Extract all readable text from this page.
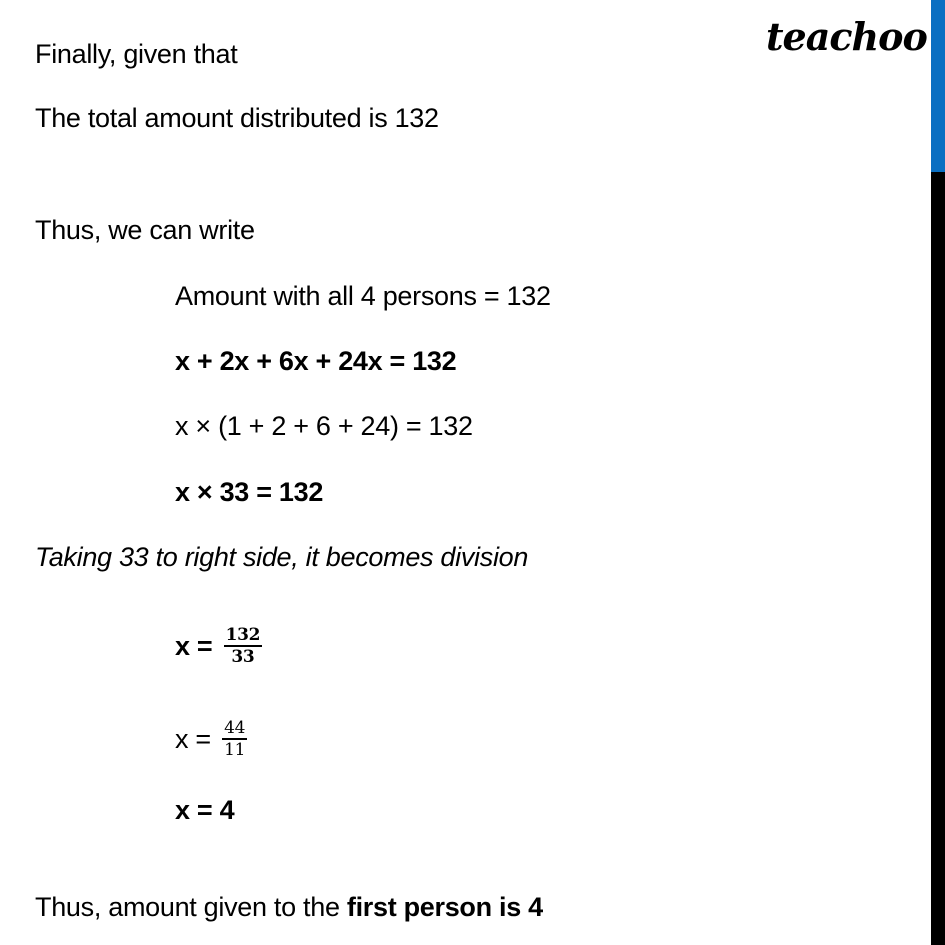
teachoo
Finally, given that
The total amount distributed is 132
Thus, we can write
Amount with all 4 persons = 132
x + 2x + 6x + 24x = 132
x × (1 + 2 + 6 + 24) = 132
x × 33 = 132
Taking 33 to right side, it becomes division
$x = \frac{132}{33}$
$x = \frac{44}{11}$
x = 4
Thus, amount given to the first person is 4
